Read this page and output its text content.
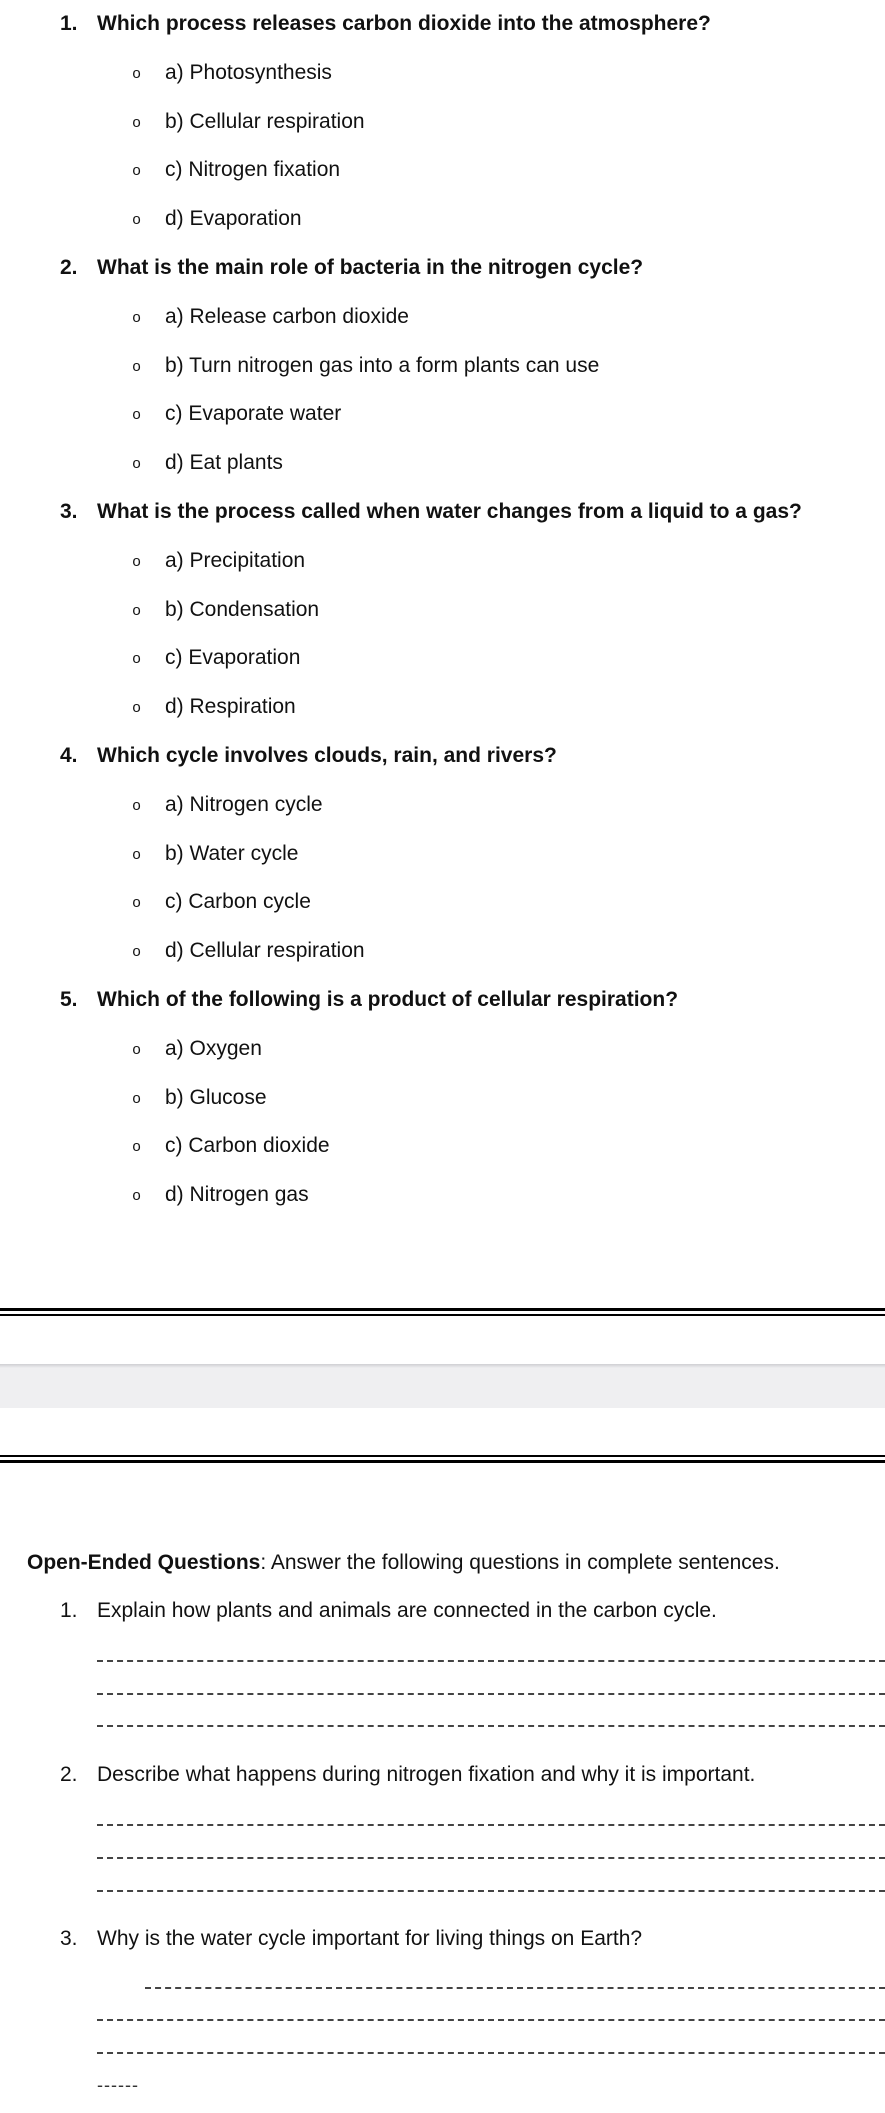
1. Which process releases carbon dioxide into the atmosphere?
o a) Photosynthesis
o b) Cellular respiration
o c) Nitrogen fixation
o d) Evaporation
2. What is the main role of bacteria in the nitrogen cycle?
o a) Release carbon dioxide
o b) Turn nitrogen gas into a form plants can use
o c) Evaporate water
o d) Eat plants
3. What is the process called when water changes from a liquid to a gas?
o a) Precipitation
o b) Condensation
o c) Evaporation
o d) Respiration
4. Which cycle involves clouds, rain, and rivers?
o a) Nitrogen cycle
o b) Water cycle
o c) Carbon cycle
o d) Cellular respiration
5. Which of the following is a product of cellular respiration?
o a) Oxygen
o b) Glucose
o c) Carbon dioxide
o d) Nitrogen gas
Open-Ended Questions: Answer the following questions in complete sentences.
1. Explain how plants and animals are connected in the carbon cycle.
2. Describe what happens during nitrogen fixation and why it is important.
3. Why is the water cycle important for living things on Earth?
------
